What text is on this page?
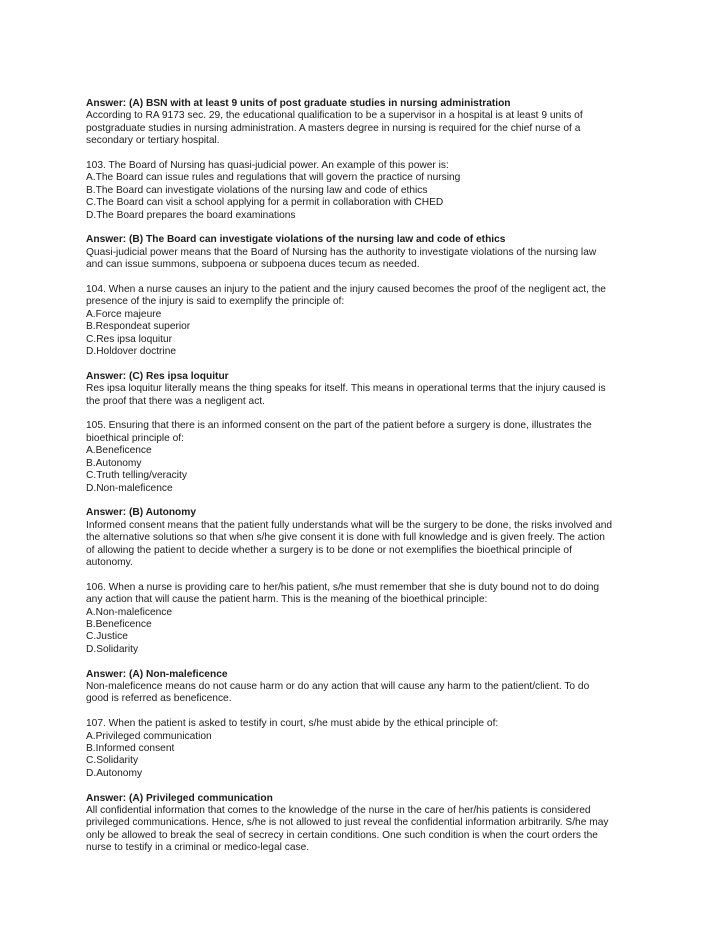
Answer: (A) BSN with at least 9 units of post graduate studies in nursing administration
According to RA 9173 sec. 29, the educational qualification to be a supervisor in a hospital is at least 9 units of
postgraduate studies in nursing administration. A masters degree in nursing is required for the chief nurse of a
secondary or tertiary hospital.
103. The Board of Nursing has quasi-judicial power. An example of this power is:
A.The Board can issue rules and regulations that will govern the practice of nursing
B.The Board can investigate violations of the nursing law and code of ethics
C.The Board can visit a school applying for a permit in collaboration with CHED
D.The Board prepares the board examinations
Answer: (B) The Board can investigate violations of the nursing law and code of ethics
Quasi-judicial power means that the Board of Nursing has the authority to investigate violations of the nursing law
and can issue summons, subpoena or subpoena duces tecum as needed.
104. When a nurse causes an injury to the patient and the injury caused becomes the proof of the negligent act, the
presence of the injury is said to exemplify the principle of:
A.Force majeure
B.Respondeat superior
C.Res ipsa loquitur
D.Holdover doctrine
Answer: (C) Res ipsa loquitur
Res ipsa loquitur literally means the thing speaks for itself. This means in operational terms that the injury caused is
the proof that there was a negligent act.
105. Ensuring that there is an informed consent on the part of the patient before a surgery is done, illustrates the
bioethical principle of:
A.Beneficence
B.Autonomy
C.Truth telling/veracity
D.Non-maleficence
Answer: (B) Autonomy
Informed consent means that the patient fully understands what will be the surgery to be done, the risks involved and
the alternative solutions so that when s/he give consent it is done with full knowledge and is given freely. The action
of allowing the patient to decide whether a surgery is to be done or not exemplifies the bioethical principle of
autonomy.
106. When a nurse is providing care to her/his patient, s/he must remember that she is duty bound not to do doing
any action that will cause the patient harm. This is the meaning of the bioethical principle:
A.Non-maleficence
B.Beneficence
C.Justice
D.Solidarity
Answer: (A) Non-maleficence
Non-maleficence means do not cause harm or do any action that will cause any harm to the patient/client. To do
good is referred as beneficence.
107. When the patient is asked to testify in court, s/he must abide by the ethical principle of:
A.Privileged communication
B.Informed consent
C.Solidarity
D.Autonomy
Answer: (A) Privileged communication
All confidential information that comes to the knowledge of the nurse in the care of her/his patients is considered
privileged communications. Hence, s/he is not allowed to just reveal the confidential information arbitrarily. S/he may
only be allowed to break the seal of secrecy in certain conditions. One such condition is when the court orders the
nurse to testify in a criminal or medico-legal case.
